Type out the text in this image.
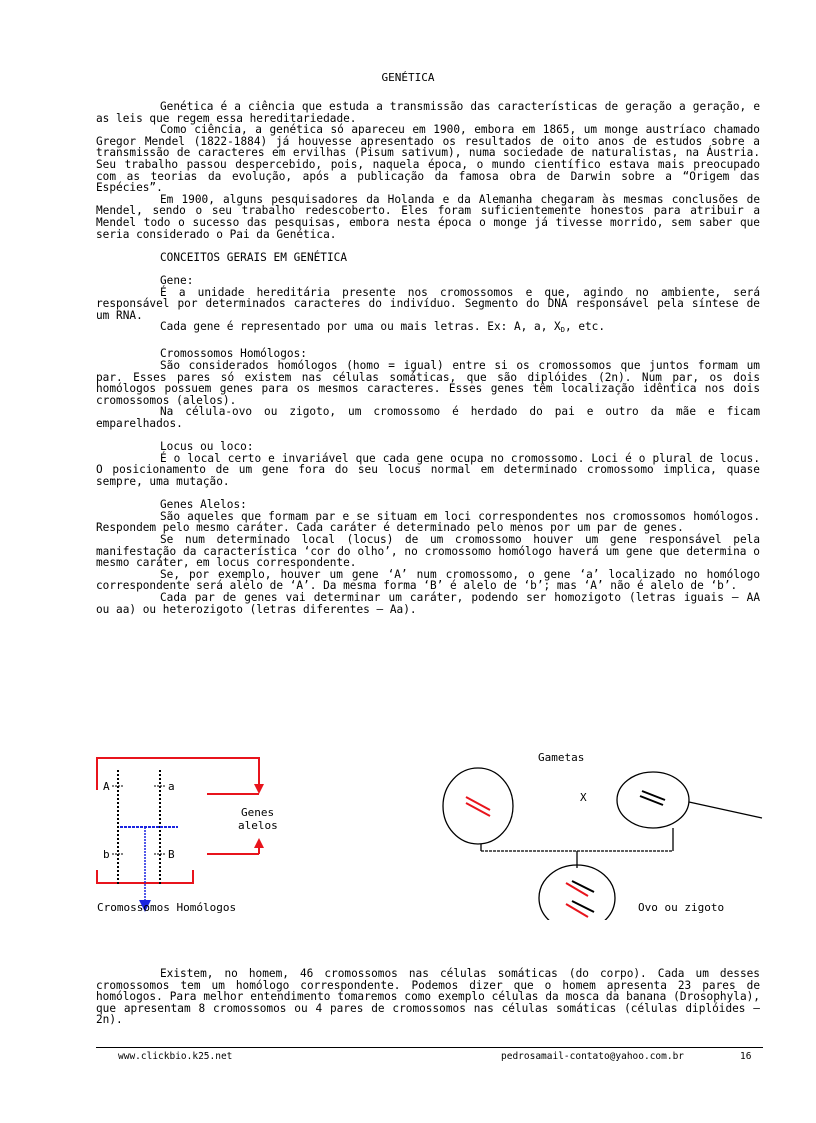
GENÉTICA

Genética é a ciência que estuda a transmissão das características de geração a geração, e as leis que regem essa hereditariedade.

Como ciência, a genética só apareceu em 1900, embora em 1865, um monge austríaco chamado Gregor Mendel (1822-1884) já houvesse apresentado os resultados de oito anos de estudos sobre a transmissão de caracteres em ervilhas (Pisum sativum), numa sociedade de naturalistas, na Áustria. Seu trabalho passou despercebido, pois, naquela época, o mundo científico estava mais preocupado com as teorias da evolução, após a publicação da famosa obra de Darwin sobre a “Origem das Espécies”.

Em 1900, alguns pesquisadores da Holanda e da Alemanha chegaram às mesmas conclusões de Mendel, sendo o seu trabalho redescoberto. Eles foram suficientemente honestos para atribuir a Mendel todo o sucesso das pesquisas, embora nesta época o monge já tivesse morrido, sem saber que seria considerado o Pai da Genética.

CONCEITOS GERAIS EM GENÉTICA

Gene:

É a unidade hereditária presente nos cromossomos e que, agindo no ambiente, será responsável por determinados caracteres do indivíduo. Segmento do DNA responsável pela síntese de um RNA.

Cada gene é representado por uma ou mais letras. Ex: A, a, $X_D$, etc.

Cromossomos Homólogos:

São considerados homólogos (homo = igual) entre si os cromossomos que juntos formam um par. Esses pares só existem nas células somáticas, que são diplóides (2n). Num par, os dois homólogos possuem genes para os mesmos caracteres. Esses genes têm localização idêntica nos dois cromossomos (alelos).

Na célula-ovo ou zigoto, um cromossomo é herdado do pai e outro da mãe e ficam emparelhados.

Locus ou loco:

É o local certo e invariável que cada gene ocupa no cromossomo. Loci é o plural de locus. O posicionamento de um gene fora do seu locus normal em determinado cromossomo implica, quase sempre, uma mutação.

Genes Alelos:

São aqueles que formam par e se situam em loci correspondentes nos cromossomos homólogos. Respondem pelo mesmo caráter. Cada caráter é determinado pelo menos por um par de genes.

Se num determinado local (locus) de um cromossomo houver um gene responsável pela manifestação da característica ‘cor do olho’, no cromossomo homólogo haverá um gene que determina o mesmo caráter, em locus correspondente.

Se, por exemplo, houver um gene ‘A’ num cromossomo, o gene ‘a’ localizado no homólogo correspondente será alelo de ‘A’. Da mesma forma ‘B’ é alelo de ‘b’; mas ‘A’ não é alelo de ‘b’.

Cada par de genes vai determinar um caráter, podendo ser homozigoto (letras iguais – AA ou aa) ou heterozigoto (letras diferentes – Aa).

A	a
b	B
Genes
alelos
Cromossomos Homólogos
Gametas
X
Ovo ou zigoto

Existem, no homem, 46 cromossomos nas células somáticas (do corpo). Cada um desses cromossomos tem um homólogo correspondente. Podemos dizer que o homem apresenta 23 pares de homólogos. Para melhor entendimento tomaremos como exemplo células da mosca da banana (Drosophyla), que apresentam 8 cromossomos ou 4 pares de cromossomos nas células somáticas (células diplóides – 2n).

www.clickbio.k25.net	pedrosamail-contato@yahoo.com.br	16
